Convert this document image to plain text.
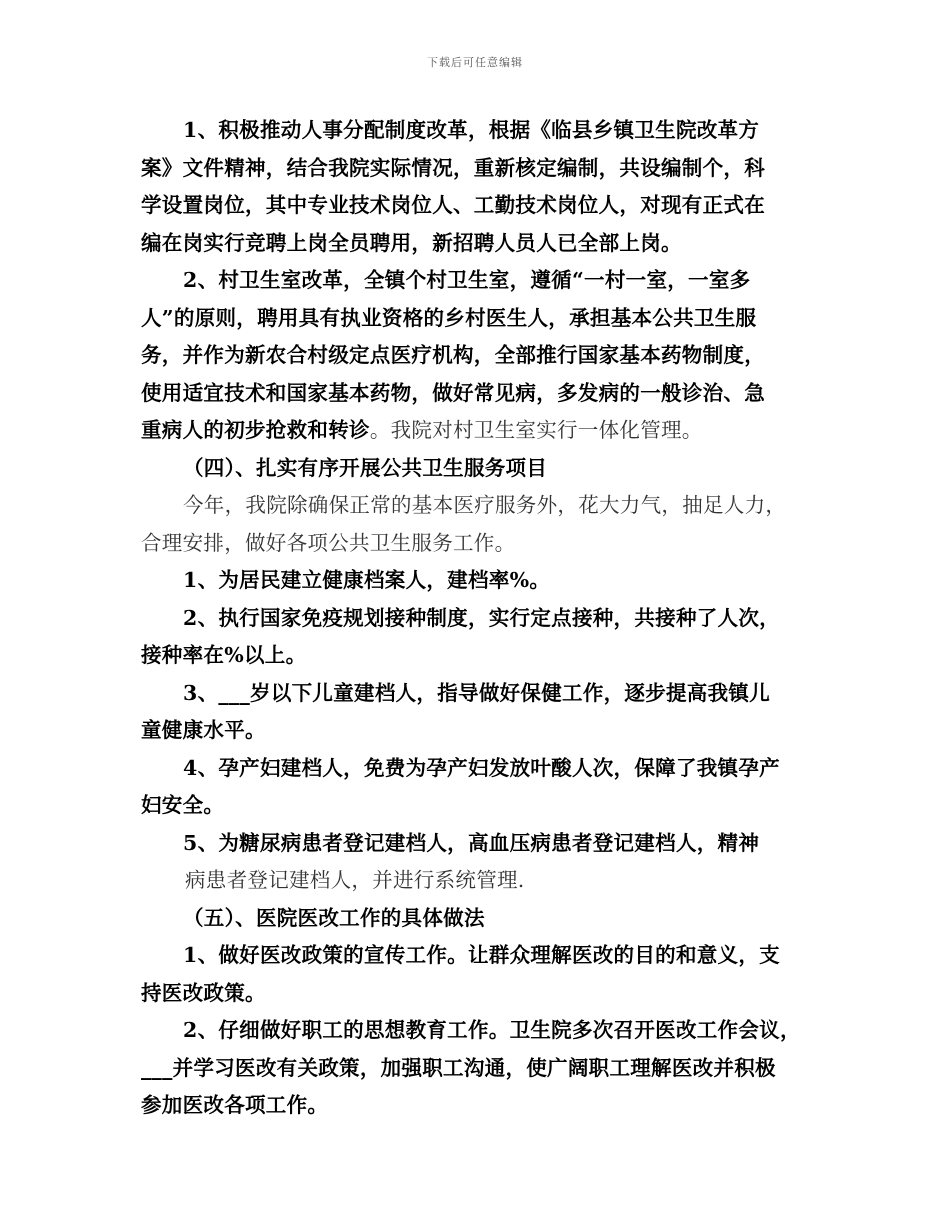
下载后可任意编辑

1、积极推动人事分配制度改革，根据《临县乡镇卫生院改革方

案》文件精神，结合我院实际情况，重新核定编制，共设编制个，科

学设置岗位，其中专业技术岗位人、工勤技术岗位人，对现有正式在

编在岗实行竞聘上岗全员聘用，新招聘人员人已全部上岗。

2、村卫生室改革，全镇个村卫生室，遵循“一村一室，一室多

人”的原则，聘用具有执业资格的乡村医生人，承担基本公共卫生服

务，并作为新农合村级定点医疗机构，全部推行国家基本药物制度，

使用适宜技术和国家基本药物，做好常见病，多发病的一般诊治、急

重病人的初步抢救和转诊。我院对村卫生室实行一体化管理。

（四）、扎实有序开展公共卫生服务项目

今年，我院除确保正常的基本医疗服务外，花大力气，抽足人力，

合理安排，做好各项公共卫生服务工作。

1、为居民建立健康档案人，建档率%。

2、执行国家免疫规划接种制度，实行定点接种，共接种了人次，

接种率在%以上。

3、___岁以下儿童建档人，指导做好保健工作，逐步提高我镇儿

童健康水平。

4、孕产妇建档人，免费为孕产妇发放叶酸人次，保障了我镇孕产

妇安全。

5、为糖尿病患者登记建档人，高血压病患者登记建档人，精神

病患者登记建档人，并进行系统管理.

（五）、医院医改工作的具体做法

1、做好医改政策的宣传工作。让群众理解医改的目的和意义，支

持医改政策。

2、仔细做好职工的思想教育工作。卫生院多次召开医改工作会议，

___并学习医改有关政策，加强职工沟通，使广阔职工理解医改并积极

参加医改各项工作。
